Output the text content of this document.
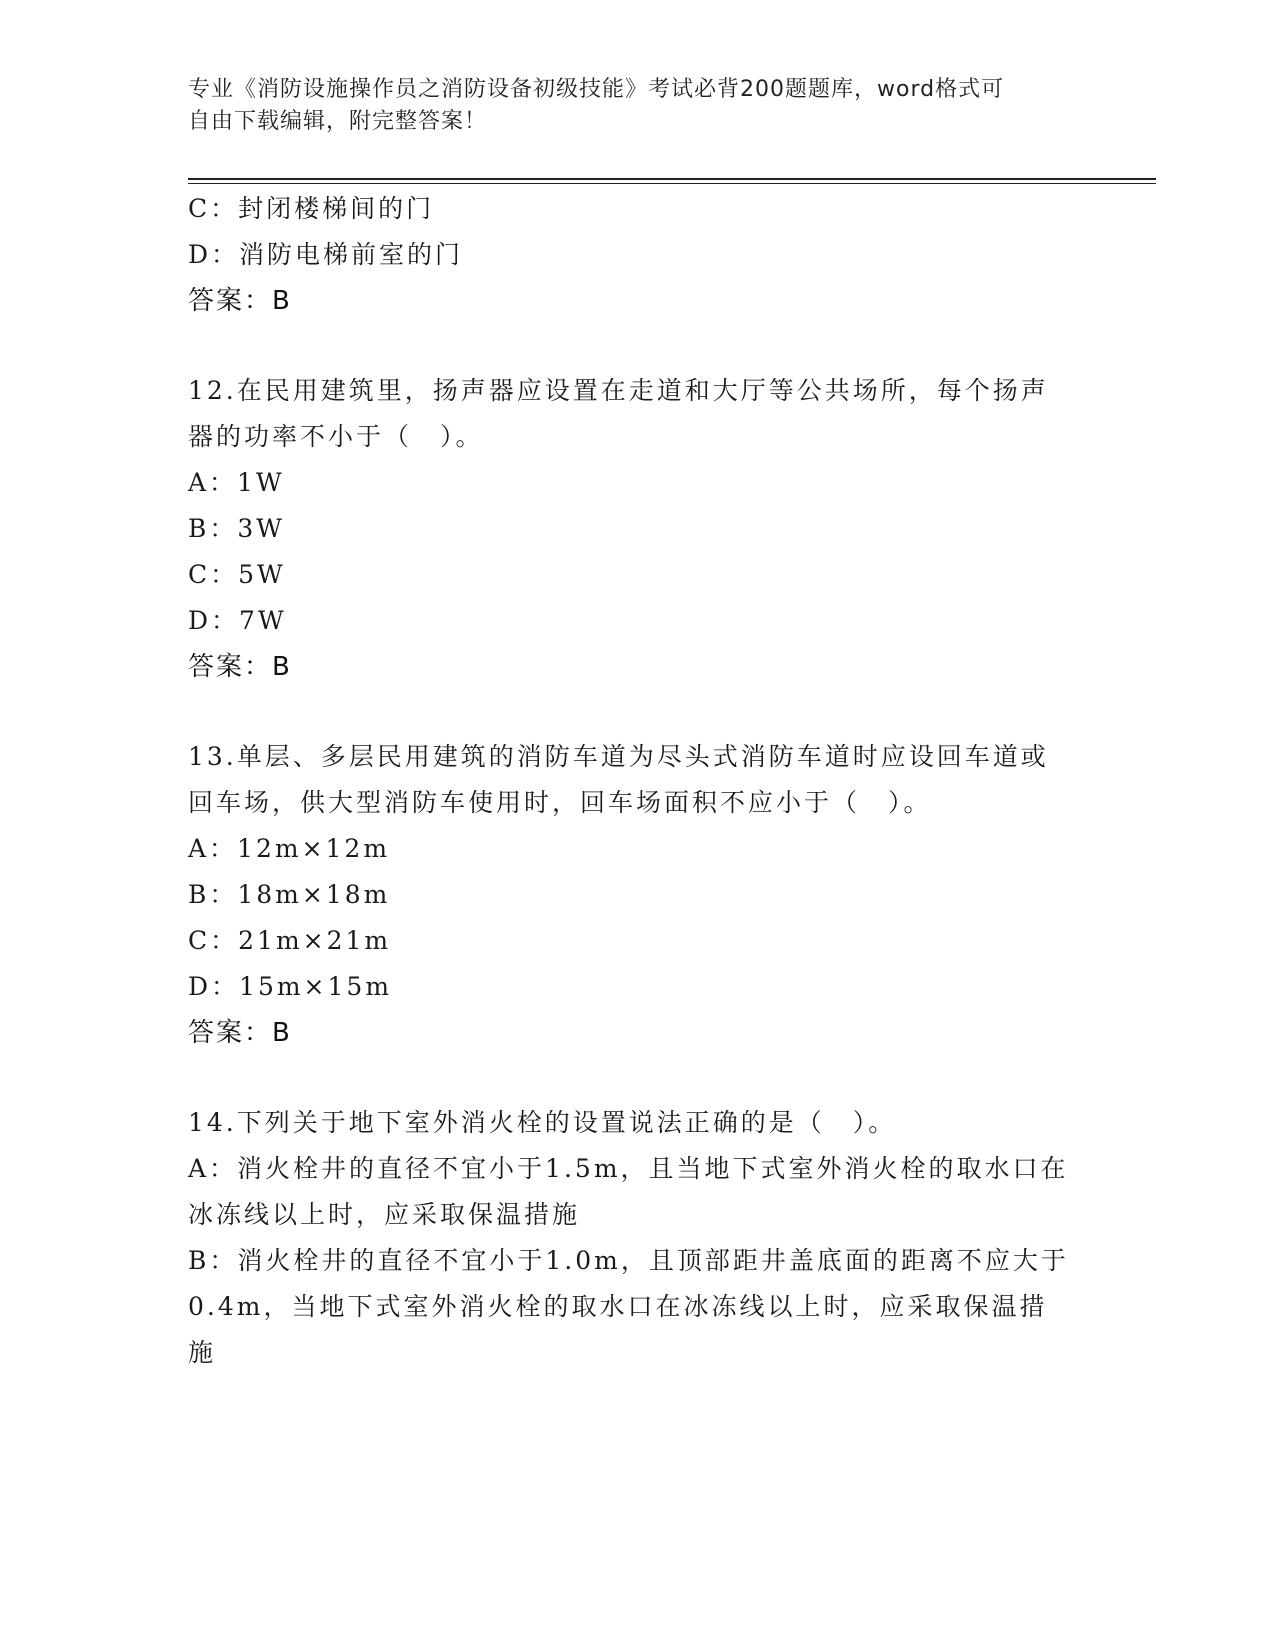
专业《消防设施操作员之消防设备初级技能》考试必背200题题库，word格式可
自由下载编辑，附完整答案！
C：封闭楼梯间的门
D：消防电梯前室的门
答案：B
12.在民用建筑里，扬声器应设置在走道和大厅等公共场所，每个扬声
器的功率不小于（　）。
A：1W
B：3W
C：5W
D：7W
答案：B
13.单层、多层民用建筑的消防车道为尽头式消防车道时应设回车道或
回车场，供大型消防车使用时，回车场面积不应小于（　）。
A：12m×12m
B：18m×18m
C：21m×21m
D：15m×15m
答案：B
14.下列关于地下室外消火栓的设置说法正确的是（　）。
A：消火栓井的直径不宜小于1.5m，且当地下式室外消火栓的取水口在
冰冻线以上时，应采取保温措施
B：消火栓井的直径不宜小于1.0m，且顶部距井盖底面的距离不应大于
0.4m，当地下式室外消火栓的取水口在冰冻线以上时，应采取保温措
施
